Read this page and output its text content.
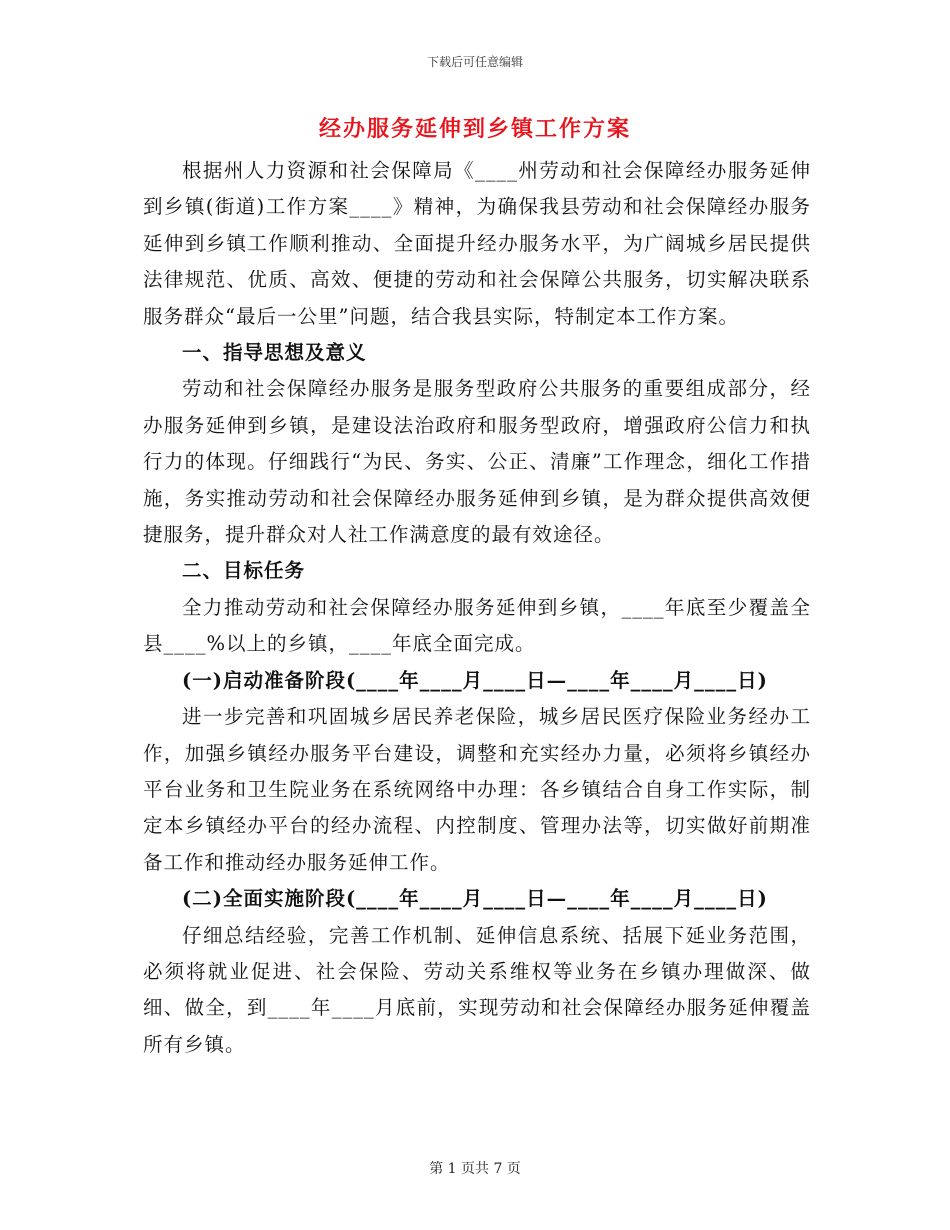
下载后可任意编辑
经办服务延伸到乡镇工作方案

根据州人力资源和社会保障局《____州劳动和社会保障经办服务延伸到乡镇(街道)工作方案____》精神，为确保我县劳动和社会保障经办服务延伸到乡镇工作顺利推动、全面提升经办服务水平，为广阔城乡居民提供法律规范、优质、高效、便捷的劳动和社会保障公共服务，切实解决联系服务群众“最后一公里”问题，结合我县实际，特制定本工作方案。

一、指导思想及意义

劳动和社会保障经办服务是服务型政府公共服务的重要组成部分，经办服务延伸到乡镇，是建设法治政府和服务型政府，增强政府公信力和执行力的体现。仔细践行“为民、务实、公正、清廉”工作理念，细化工作措施，务实推动劳动和社会保障经办服务延伸到乡镇，是为群众提供高效便捷服务，提升群众对人社工作满意度的最有效途径。

二、目标任务

全力推动劳动和社会保障经办服务延伸到乡镇，____年底至少覆盖全县____%以上的乡镇，____年底全面完成。

(一)启动准备阶段(____年____月____日—____年____月____日)

进一步完善和巩固城乡居民养老保险，城乡居民医疗保险业务经办工作，加强乡镇经办服务平台建设，调整和充实经办力量，必须将乡镇经办平台业务和卫生院业务在系统网络中办理：各乡镇结合自身工作实际，制定本乡镇经办平台的经办流程、内控制度、管理办法等，切实做好前期准备工作和推动经办服务延伸工作。

(二)全面实施阶段(____年____月____日—____年____月____日)

仔细总结经验，完善工作机制、延伸信息系统、括展下延业务范围，必须将就业促进、社会保险、劳动关系维权等业务在乡镇办理做深、做细、做全，到____年____月底前，实现劳动和社会保障经办服务延伸覆盖所有乡镇。

第 1 页共 7 页
